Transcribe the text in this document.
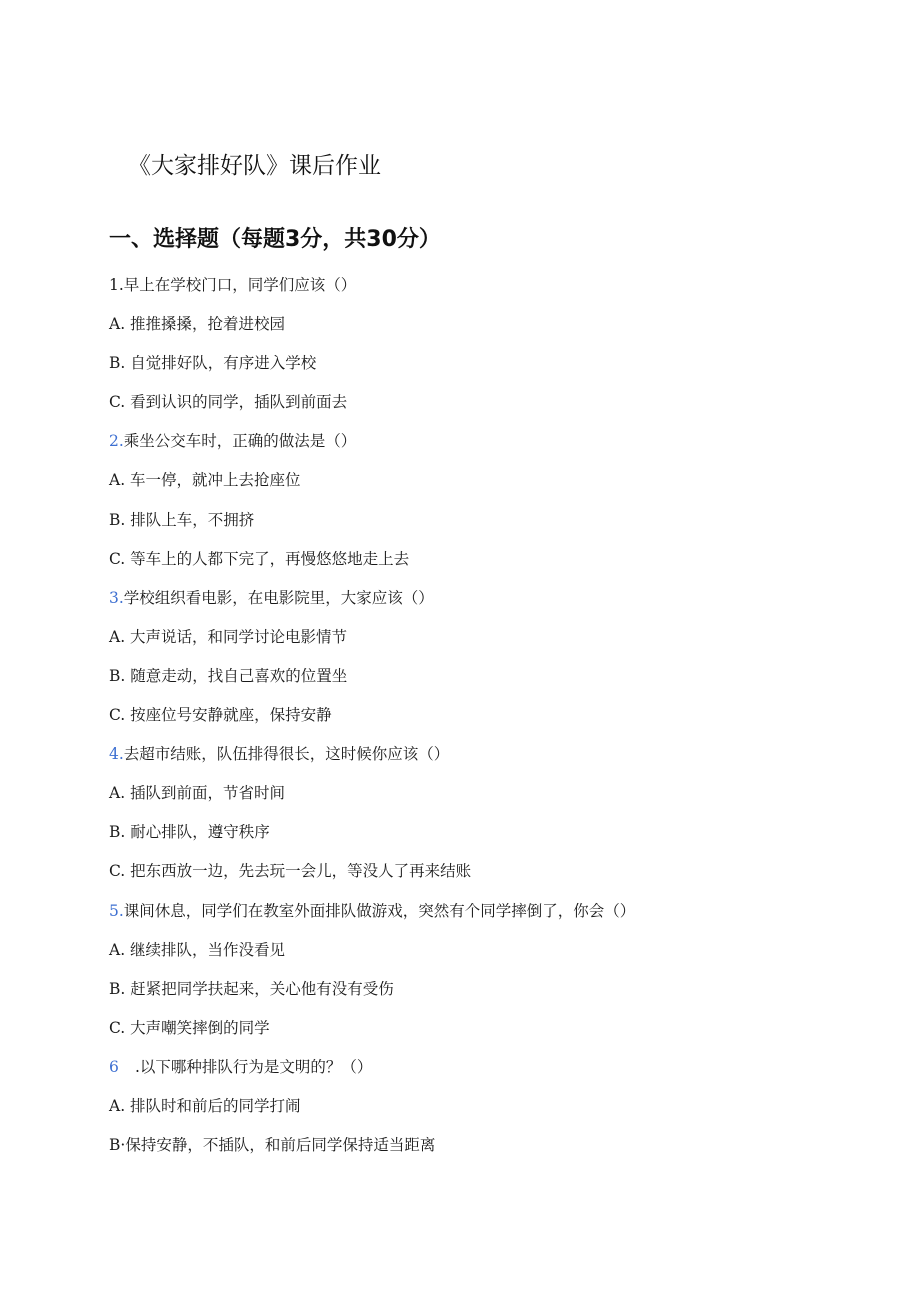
《大家排好队》课后作业
一、选择题（每题3分，共30分）
1.早上在学校门口，同学们应该（）
A. 推推搡搡，抢着进校园
B. 自觉排好队，有序进入学校
C. 看到认识的同学，插队到前面去
2.乘坐公交车时，正确的做法是（）
A. 车一停，就冲上去抢座位
B. 排队上车，不拥挤
C. 等车上的人都下完了，再慢悠悠地走上去
3.学校组织看电影，在电影院里，大家应该（）
A. 大声说话，和同学讨论电影情节
B. 随意走动，找自己喜欢的位置坐
C. 按座位号安静就座，保持安静
4.去超市结账，队伍排得很长，这时候你应该（）
A. 插队到前面，节省时间
B. 耐心排队，遵守秩序
C. 把东西放一边，先去玩一会儿，等没人了再来结账
5.课间休息，同学们在教室外面排队做游戏，突然有个同学摔倒了，你会（）
A. 继续排队，当作没看见
B. 赶紧把同学扶起来，关心他有没有受伤
C. 大声嘲笑摔倒的同学
6 .以下哪种排队行为是文明的？（）
A. 排队时和前后的同学打闹
B·保持安静，不插队，和前后同学保持适当距离
